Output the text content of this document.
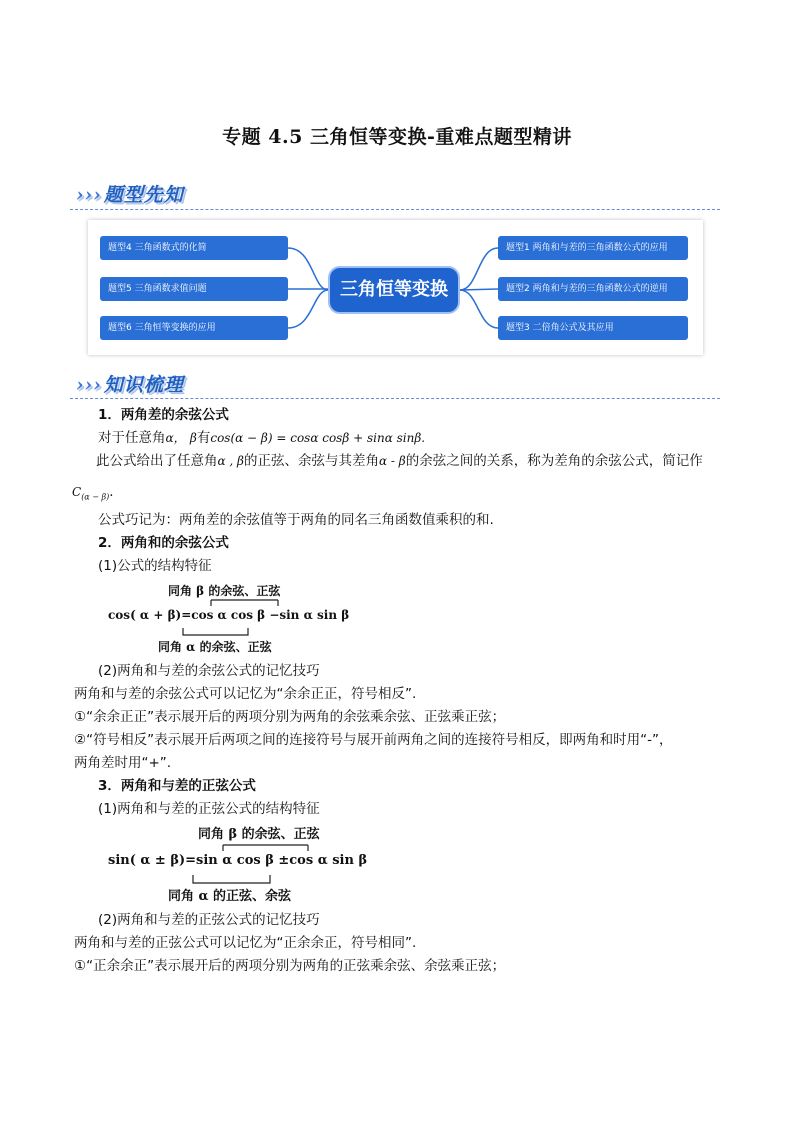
专题 4.5 三角恒等变换-重难点题型精讲
››› 题型先知
题型4 三角函数式的化简
题型5 三角函数求值问题
题型6 三角恒等变换的应用
三角恒等变换
题型1 两角和与差的三角函数公式的应用
题型2 两角和与差的三角函数公式的逆用
题型3 二倍角公式及其应用
››› 知识梳理

1．两角差的余弦公式

对于任意角α， β有cos(α − β) = cosα cosβ + sinα sinβ.

此公式给出了任意角α , β的正弦、余弦与其差角α - β的余弦之间的关系，称为差角的余弦公式，简记作

$C_{(\alpha - \beta)}$.

公式巧记为：两角差的余弦值等于两角的同名三角函数值乘积的和.

2．两角和的余弦公式

(1)公式的结构特征

同角 β 的余弦、正弦
cos( α + β)=cos α cos β −sin α sin β
同角 α 的余弦、正弦

(2)两角和与差的余弦公式的记忆技巧

两角和与差的余弦公式可以记忆为“余余正正，符号相反”.

①“余余正正”表示展开后的两项分别为两角的余弦乘余弦、正弦乘正弦；

②“符号相反”表示展开后两项之间的连接符号与展开前两角之间的连接符号相反，即两角和时用“-”，

两角差时用“+”.

3．两角和与差的正弦公式

(1)两角和与差的正弦公式的结构特征

同角 β 的余弦、正弦
sin( α ± β)=sin α cos β ±cos α sin β
同角 α 的正弦、余弦

(2)两角和与差的正弦公式的记忆技巧

两角和与差的正弦公式可以记忆为“正余余正，符号相同”.

①“正余余正”表示展开后的两项分别为两角的正弦乘余弦、余弦乘正弦；
